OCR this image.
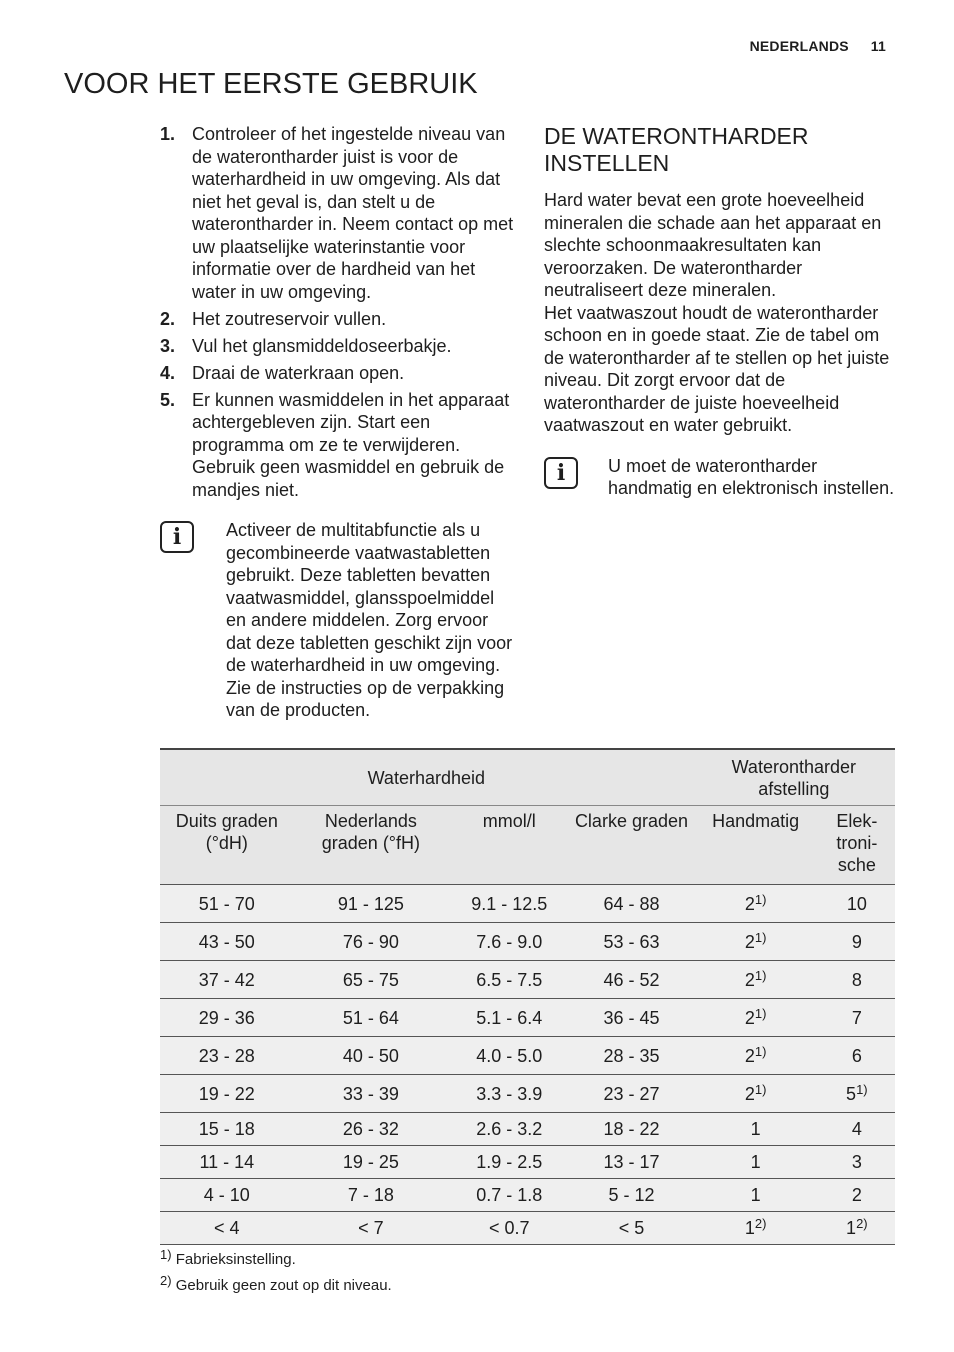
NEDERLANDS 11
VOOR HET EERSTE GEBRUIK
1. Controleer of het ingestelde niveau van de waterontharder juist is voor de waterhardheid in uw omgeving. Als dat niet het geval is, dan stelt u de waterontharder in. Neem contact op met uw plaatselijke waterinstantie voor informatie over de hardheid van het water in uw omgeving.
2. Het zoutreservoir vullen.
3. Vul het glansmiddeldoseerbakje.
4. Draai de waterkraan open.
5. Er kunnen wasmiddelen in het apparaat achtergebleven zijn. Start een programma om ze te verwijderen. Gebruik geen wasmiddel en gebruik de mandjes niet.
i	Activeer de multitabfunctie als u gecombineerde vaatwastabletten gebruikt. Deze tabletten bevatten vaatwasmiddel, glansspoelmiddel en andere middelen. Zorg ervoor dat deze tabletten geschikt zijn voor de waterhardheid in uw omgeving. Zie de instructies op de verpakking van de producten.
DE WATERONTHARDER INSTELLEN

Hard water bevat een grote hoeveelheid mineralen die schade aan het apparaat en slechte schoonmaakresultaten kan veroorzaken. De waterontharder neutraliseert deze mineralen.

Het vaatwaszout houdt de waterontharder schoon en in goede staat. Zie de tabel om de waterontharder af te stellen op het juiste niveau. Dit zorgt ervoor dat de waterontharder de juiste hoeveelheid vaatwaszout en water gebruikt.

i	U moet de waterontharder handmatig en elektronisch instellen.
Waterhardheid				Waterontharder afstelling	
Duits graden (°dH)	Nederlands graden (°fH)	mmol/l	Clarke graden	Handmatig	Elek- troni- sche
51 - 70	91 - 125	9.1 - 12.5	64 - 88	2$^{1)}$	10
43 - 50	76 - 90	7.6 - 9.0	53 - 63	2$^{1)}$	9
37 - 42	65 - 75	6.5 - 7.5	46 - 52	2$^{1)}$	8
29 - 36	51 - 64	5.1 - 6.4	36 - 45	2$^{1)}$	7
23 - 28	40 - 50	4.0 - 5.0	28 - 35	2$^{1)}$	6
19 - 22	33 - 39	3.3 - 3.9	23 - 27	2$^{1)}$	5$^{1)}$
15 - 18	26 - 32	2.6 - 3.2	18 - 22	1	4
11 - 14	19 - 25	1.9 - 2.5	13 - 17	1	3
4 - 10	7 - 18	0.7 - 1.8	5 - 12	1	2
< 4	< 7	< 0.7	< 5	1$^{2)}$	1$^{2)}$
$^{1)}$ Fabrieksinstelling.
$^{2)}$ Gebruik geen zout op dit niveau.
